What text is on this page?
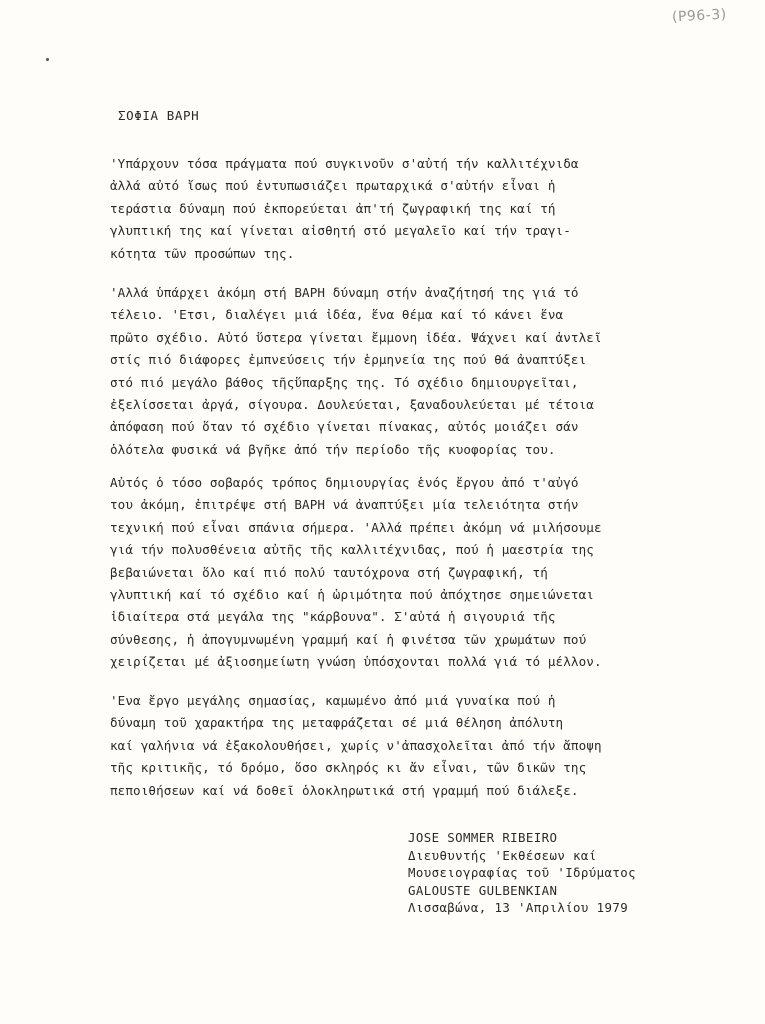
(P96-3)
ΣΟΦΙΑ ΒΑΡΗ
'Υπάρχουν τόσα πράγματα πού συγκινοῦν σ'αὐτή τήν καλλιτέχνιδα
ἀλλά αὐτό ἴσως πού ἐντυπωσιάζει πρωταρχικά σ'αὐτήν εἶναι ἡ
τεράστια δύναμη πού ἐκπορεύεται ἀπ'τή ζωγραφική της καί τή
γλυπτική της καί γίνεται αἰσθητή στό μεγαλεῖο καί τήν τραγι-
κότητα τῶν προσώπων της.
'Αλλά ὑπάρχει ἀκόμη στή ΒΑΡΗ δύναμη στήν ἀναζήτησή της γιά τό
τέλειο. 'Ετσι, διαλέγει μιά ἰδέα, ἕνα θέμα καί τό κάνει ἕνα
πρῶτο σχέδιο. Αὐτό ὕστερα γίνεται ἔμμονη ἰδέα. Ψάχνει καί ἀντλεῖ
στίς πιό διάφορες ἐμπνεύσεις τήν ἑρμηνεία της πού θά ἀναπτύξει
στό πιό μεγάλο βάθος τῆςὕπαρξης της. Τό σχέδιο δημιουργεῖται,
ἐξελίσσεται ἀργά, σίγουρα. Δουλεύεται, ξαναδουλεύεται μέ τέτοια
ἀπόφαση πού ὅταν τό σχέδιο γίνεται πίνακας, αὐτός μοιάζει σάν
ὁλότελα φυσικά νά βγῆκε ἀπό τήν περίοδο τῆς κυοφορίας του.
Αὐτός ὁ τόσο σοβαρός τρόπος δημιουργίας ἑνός ἔργου ἀπό τ'αὐγό
του ἀκόμη, ἐπιτρέψε στή ΒΑΡΗ νά ἀναπτύξει μία τελειότητα στήν
τεχνική πού εἶναι σπάνια σήμερα. 'Αλλά πρέπει ἀκόμη νά μιλήσουμε
γιά τήν πολυσθένεια αὐτῆς τῆς καλλιτέχνιδας, πού ἡ μαεστρία της
βεβαιώνεται ὅλο καί πιό πολύ ταυτόχρονα στή ζωγραφική, τή
γλυπτική καί τό σχέδιο καί ἡ ὡριμότητα πού ἀπόχτησε σημειώνεται
ἰδιαίτερα στά μεγάλα της "κάρβουνα". Σ'αὐτά ἡ σιγουριά τῆς
σύνθεσης, ἡ ἀπογυμνωμένη γραμμή καί ἡ φινέτσα τῶν χρωμάτων πού
χειρίζεται μέ ἀξιοσημείωτη γνώση ὑπόσχονται πολλά γιά τό μέλλον.
'Ενα ἔργο μεγάλης σημασίας, καμωμένο ἀπό μιά γυναίκα πού ἡ
δύναμη τοῦ χαρακτήρα της μεταφράζεται σέ μιά θέληση ἀπόλυτη
καί γαλήνια νά ἐξακολουθήσει, χωρίς ν'ἀπασχολεῖται ἀπό τήν ἄποψη
τῆς κριτικῆς, τό δρόμο, ὅσο σκληρός κι ἄν εἶναι, τῶν δικῶν της
πεποιθήσεων καί νά δοθεῖ ὁλοκληρωτικά στή γραμμή πού διάλεξε.
JOSE SOMMER RIBEIRO
Διευθυντής 'Εκθέσεων καί
Μουσειογραφίας τοῦ 'Ιδρύματος
GALOUSTE GULBENKIAN
Λισσαβώνα, 13 'Απριλίου 1979
